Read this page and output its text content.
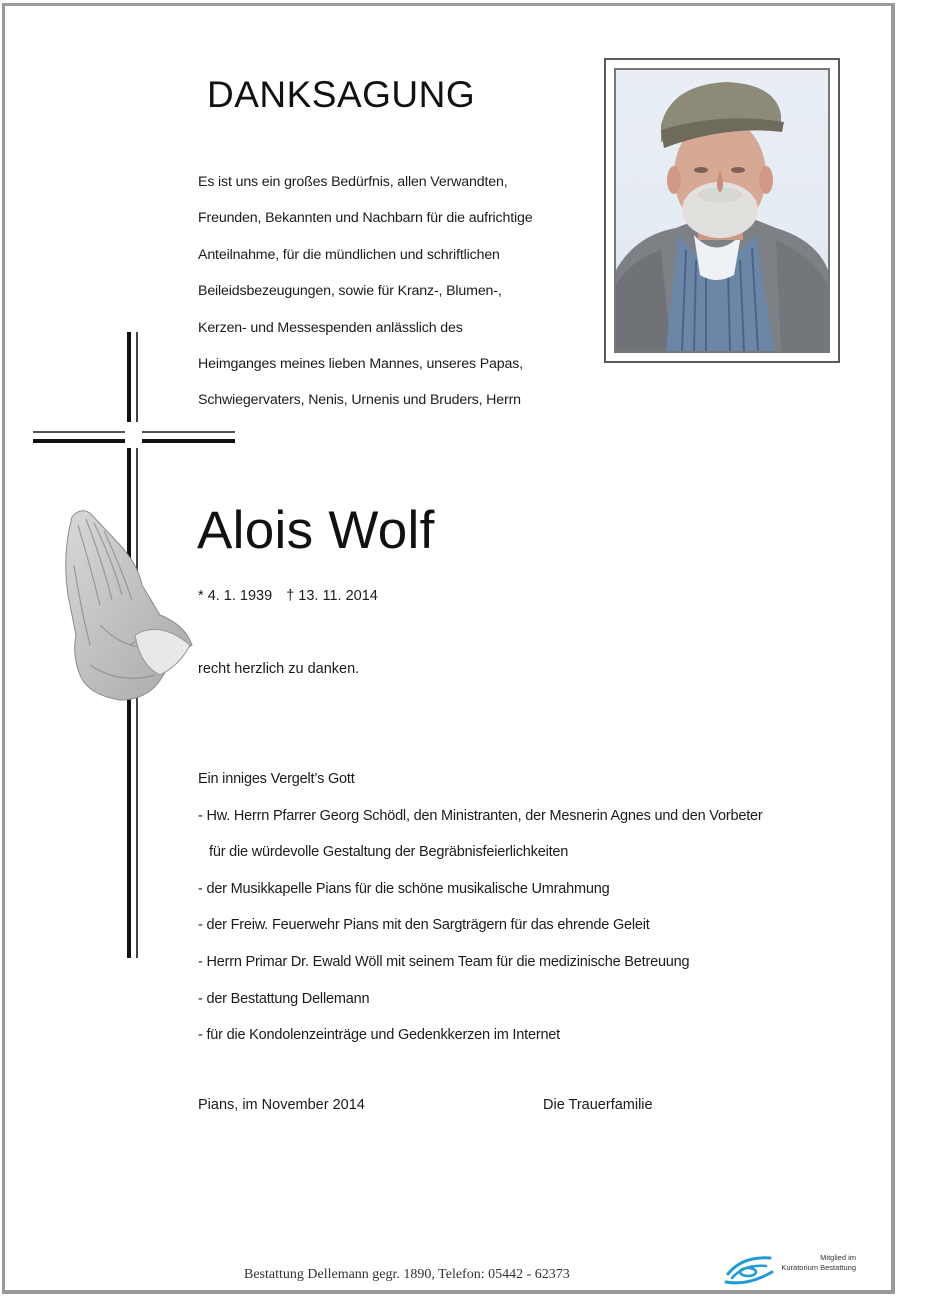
DANKSAGUNG
Es ist uns ein großes Bedürfnis, allen Verwandten,
Freunden, Bekannten und Nachbarn für die aufrichtige
Anteilnahme, für die mündlichen und schriftlichen
Beileidsbezeugungen, sowie für Kranz-, Blumen-,
Kerzen- und Messespenden anlässlich des
Heimganges meines lieben Mannes, unseres Papas,
Schwiegervaters, Nenis, Urnenis und Bruders, Herrn
Alois Wolf
* 4. 1. 1939 † 13. 11. 2014
recht herzlich zu danken.
Ein inniges Vergelt’s Gott
- Hw. Herrn Pfarrer Georg Schödl, den Ministranten, der Mesnerin Agnes und den Vorbeter
für die würdevolle Gestaltung der Begräbnisfeierlichkeiten
- der Musikkapelle Pians für die schöne musikalische Umrahmung
- der Freiw. Feuerwehr Pians mit den Sargträgern für das ehrende Geleit
- Herrn Primar Dr. Ewald Wöll mit seinem Team für die medizinische Betreuung
- der Bestattung Dellemann
- für die Kondolenzeinträge und Gedenkkerzen im Internet
Pians, im November 2014	Die Trauerfamilie
Bestattung Dellemann gegr. 1890, Telefon: 05442 - 62373
Mitglied im
Kuratorium Bestattung
